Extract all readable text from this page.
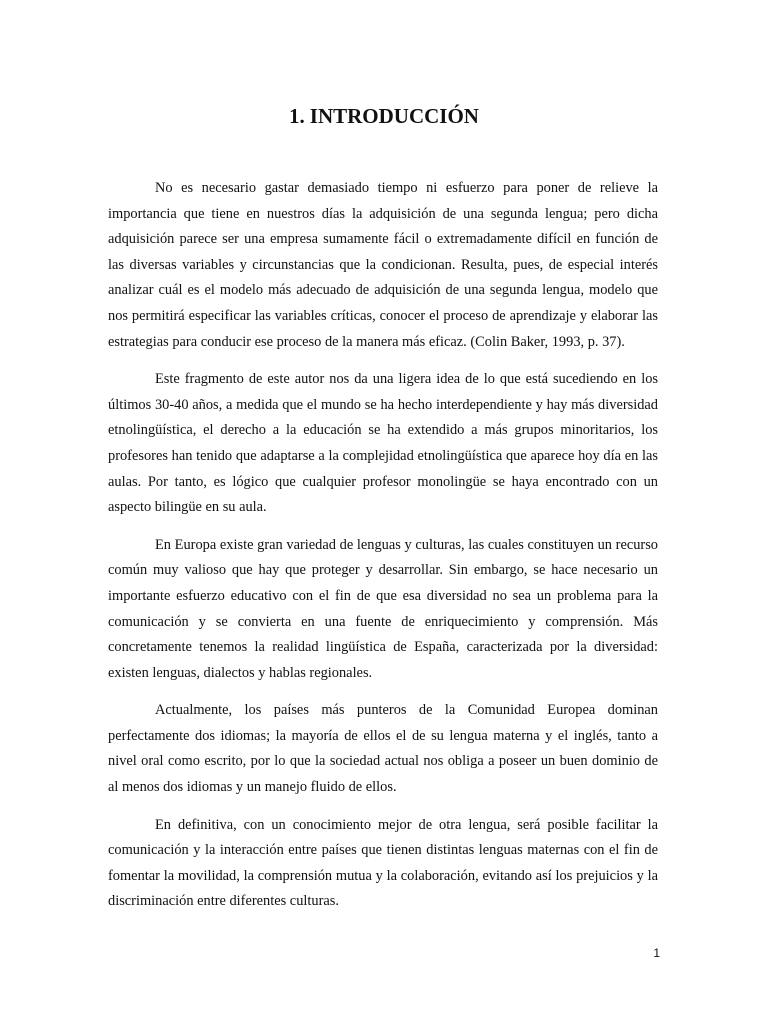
1. INTRODUCCIÓN

No es necesario gastar demasiado tiempo ni esfuerzo para poner de relieve la importancia que tiene en nuestros días la adquisición de una segunda lengua; pero dicha adquisición parece ser una empresa sumamente fácil o extremadamente difícil en función de las diversas variables y circunstancias que la condicionan. Resulta, pues, de especial interés analizar cuál es el modelo más adecuado de adquisición de una segunda lengua, modelo que nos permitirá especificar las variables críticas, conocer el proceso de aprendizaje y elaborar las estrategias para conducir ese proceso de la manera más eficaz. (Colin Baker, 1993, p. 37).

Este fragmento de este autor nos da una ligera idea de lo que está sucediendo en los últimos 30-40 años, a medida que el mundo se ha hecho interdependiente y hay más diversidad etnolingüística, el derecho a la educación se ha extendido a más grupos minoritarios, los profesores han tenido que adaptarse a la complejidad etnolingüística que aparece hoy día en las aulas. Por tanto, es lógico que cualquier profesor monolingüe se haya encontrado con un aspecto bilingüe en su aula.

En Europa existe gran variedad de lenguas y culturas, las cuales constituyen un recurso común muy valioso que hay que proteger y desarrollar. Sin embargo, se hace necesario un importante esfuerzo educativo con el fin de que esa diversidad no sea un problema para la comunicación y se convierta en una fuente de enriquecimiento y comprensión. Más concretamente tenemos la realidad lingüística de España, caracterizada por la diversidad: existen lenguas, dialectos y hablas regionales.

Actualmente, los países más punteros de la Comunidad Europea dominan perfectamente dos idiomas; la mayoría de ellos el de su lengua materna y el inglés, tanto a nivel oral como escrito, por lo que la sociedad actual nos obliga a poseer un buen dominio de al menos dos idiomas y un manejo fluido de ellos.

En definitiva, con un conocimiento mejor de otra lengua, será posible facilitar la comunicación y la interacción entre países que tienen distintas lenguas maternas con el fin de fomentar la movilidad, la comprensión mutua y la colaboración, evitando así los prejuicios y la discriminación entre diferentes culturas.

1
